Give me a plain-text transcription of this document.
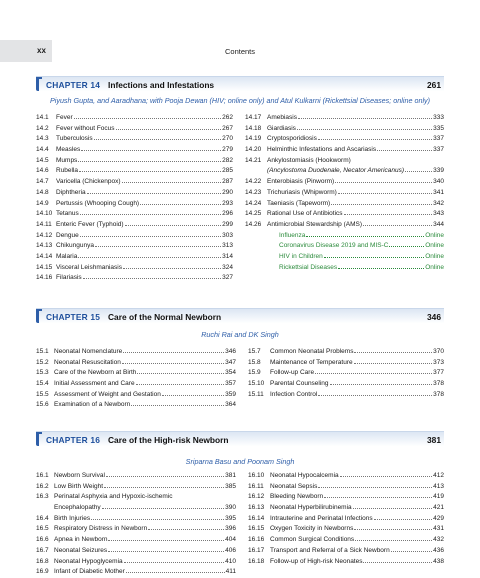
xx	Contents
CHAPTER 14 Infections and Infestations	261
Piyush Gupta, and Aaradhana; with Pooja Dewan (HIV; online only) and Atul Kulkarni (Rickettsial Diseases; online only)
14.1 Fever	262
14.2 Fever without Focus	267
14.3 Tuberculosis	270
14.4 Measles	279
14.5 Mumps	282
14.6 Rubella	285
14.7 Varicella (Chickenpox)	287
14.8 Diphtheria	290
14.9 Pertussis (Whooping Cough)	293
14.10 Tetanus	296
14.11 Enteric Fever (Typhoid)	299
14.12 Dengue	303
14.13 Chikungunya	313
14.14 Malaria	314
14.15 Visceral Leishmaniasis	324
14.16 Filariasis	327
14.17 Amebiasis	333
14.18 Giardiasis	335
14.19 Cryptosporidiosis	337
14.20 Helminthic Infestations and Ascariasis	337
14.21 Ankylostomiasis (Hookworm)
(Ancylostoma Duodenale, Necator Americanus)	339
14.22 Enterobiasis (Pinworm)	340
14.23 Trichuriasis (Whipworm)	341
14.24 Taeniasis (Tapeworm)	342
14.25 Rational Use of Antibiotics	343
14.26 Antimicrobial Stewardship (AMS)	344
Influenza	Online
Coronavirus Disease 2019 and MIS-C	Online
HIV in Children	Online
Rickettsial Diseases	Online
CHAPTER 15 Care of the Normal Newborn	346
Ruchi Rai and DK Singh
15.1 Neonatal Nomenclature	346
15.2 Neonatal Resuscitation	347
15.3 Care of the Newborn at Birth	354
15.4 Initial Assessment and Care	357
15.5 Assessment of Weight and Gestation	359
15.6 Examination of a Newborn	364
15.7 Common Neonatal Problems	370
15.8 Maintenance of Temperature	373
15.9 Follow-up Care	377
15.10 Parental Counseling	378
15.11 Infection Control	378
CHAPTER 16 Care of the High-risk Newborn	381
Sriparna Basu and Poonam Singh
16.1 Newborn Survival	381
16.2 Low Birth Weight	385
16.3 Perinatal Asphyxia and Hypoxic-ischemic
Encephalopathy	390
16.4 Birth Injuries	395
16.5 Respiratory Distress in Newborn	396
16.6 Apnea in Newborn	404
16.7 Neonatal Seizures	406
16.8 Neonatal Hypoglycemia	410
16.9 Infant of Diabetic Mother	411
16.10 Neonatal Hypocalcemia	412
16.11 Neonatal Sepsis	413
16.12 Bleeding Newborn	419
16.13 Neonatal Hyperbilirubinemia	421
16.14 Intrauterine and Perinatal Infections	429
16.15 Oxygen Toxicity in Newborns	431
16.16 Common Surgical Conditions	432
16.17 Transport and Referral of a Sick Newborn	436
16.18 Follow-up of High-risk Neonates	438
